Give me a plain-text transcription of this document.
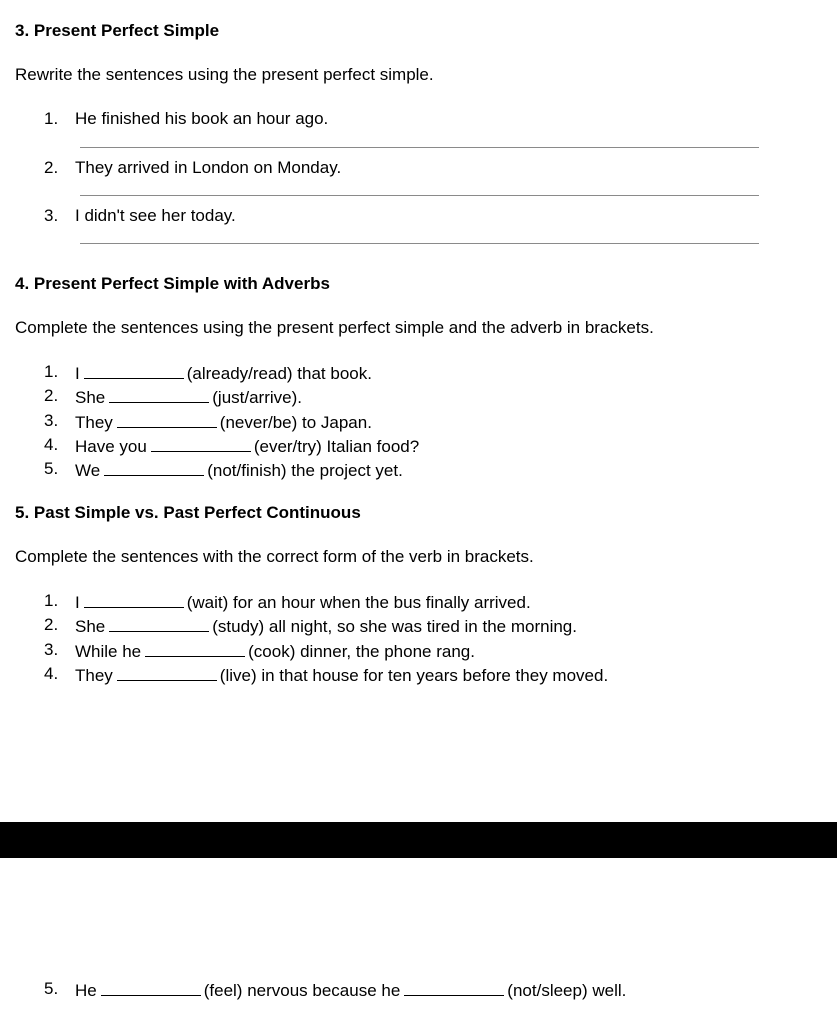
3. Present Perfect Simple
Rewrite the sentences using the present perfect simple.
1. He finished his book an hour ago.
2. They arrived in London on Monday.
3. I didn't see her today.
4. Present Perfect Simple with Adverbs
Complete the sentences using the present perfect simple and the adverb in brackets.
1. I	(already/read) that book.
2. She	(just/arrive).
3. They	(never/be) to Japan.
4. Have you	(ever/try) Italian food?
5. We	(not/finish) the project yet.
5. Past Simple vs. Past Perfect Continuous
Complete the sentences with the correct form of the verb in brackets.
1. I	(wait) for an hour when the bus finally arrived.
2. She	(study) all night, so she was tired in the morning.
3. While he	(cook) dinner, the phone rang.
4. They	(live) in that house for ten years before they moved.
5. He	(feel) nervous because he	(not/sleep) well.
